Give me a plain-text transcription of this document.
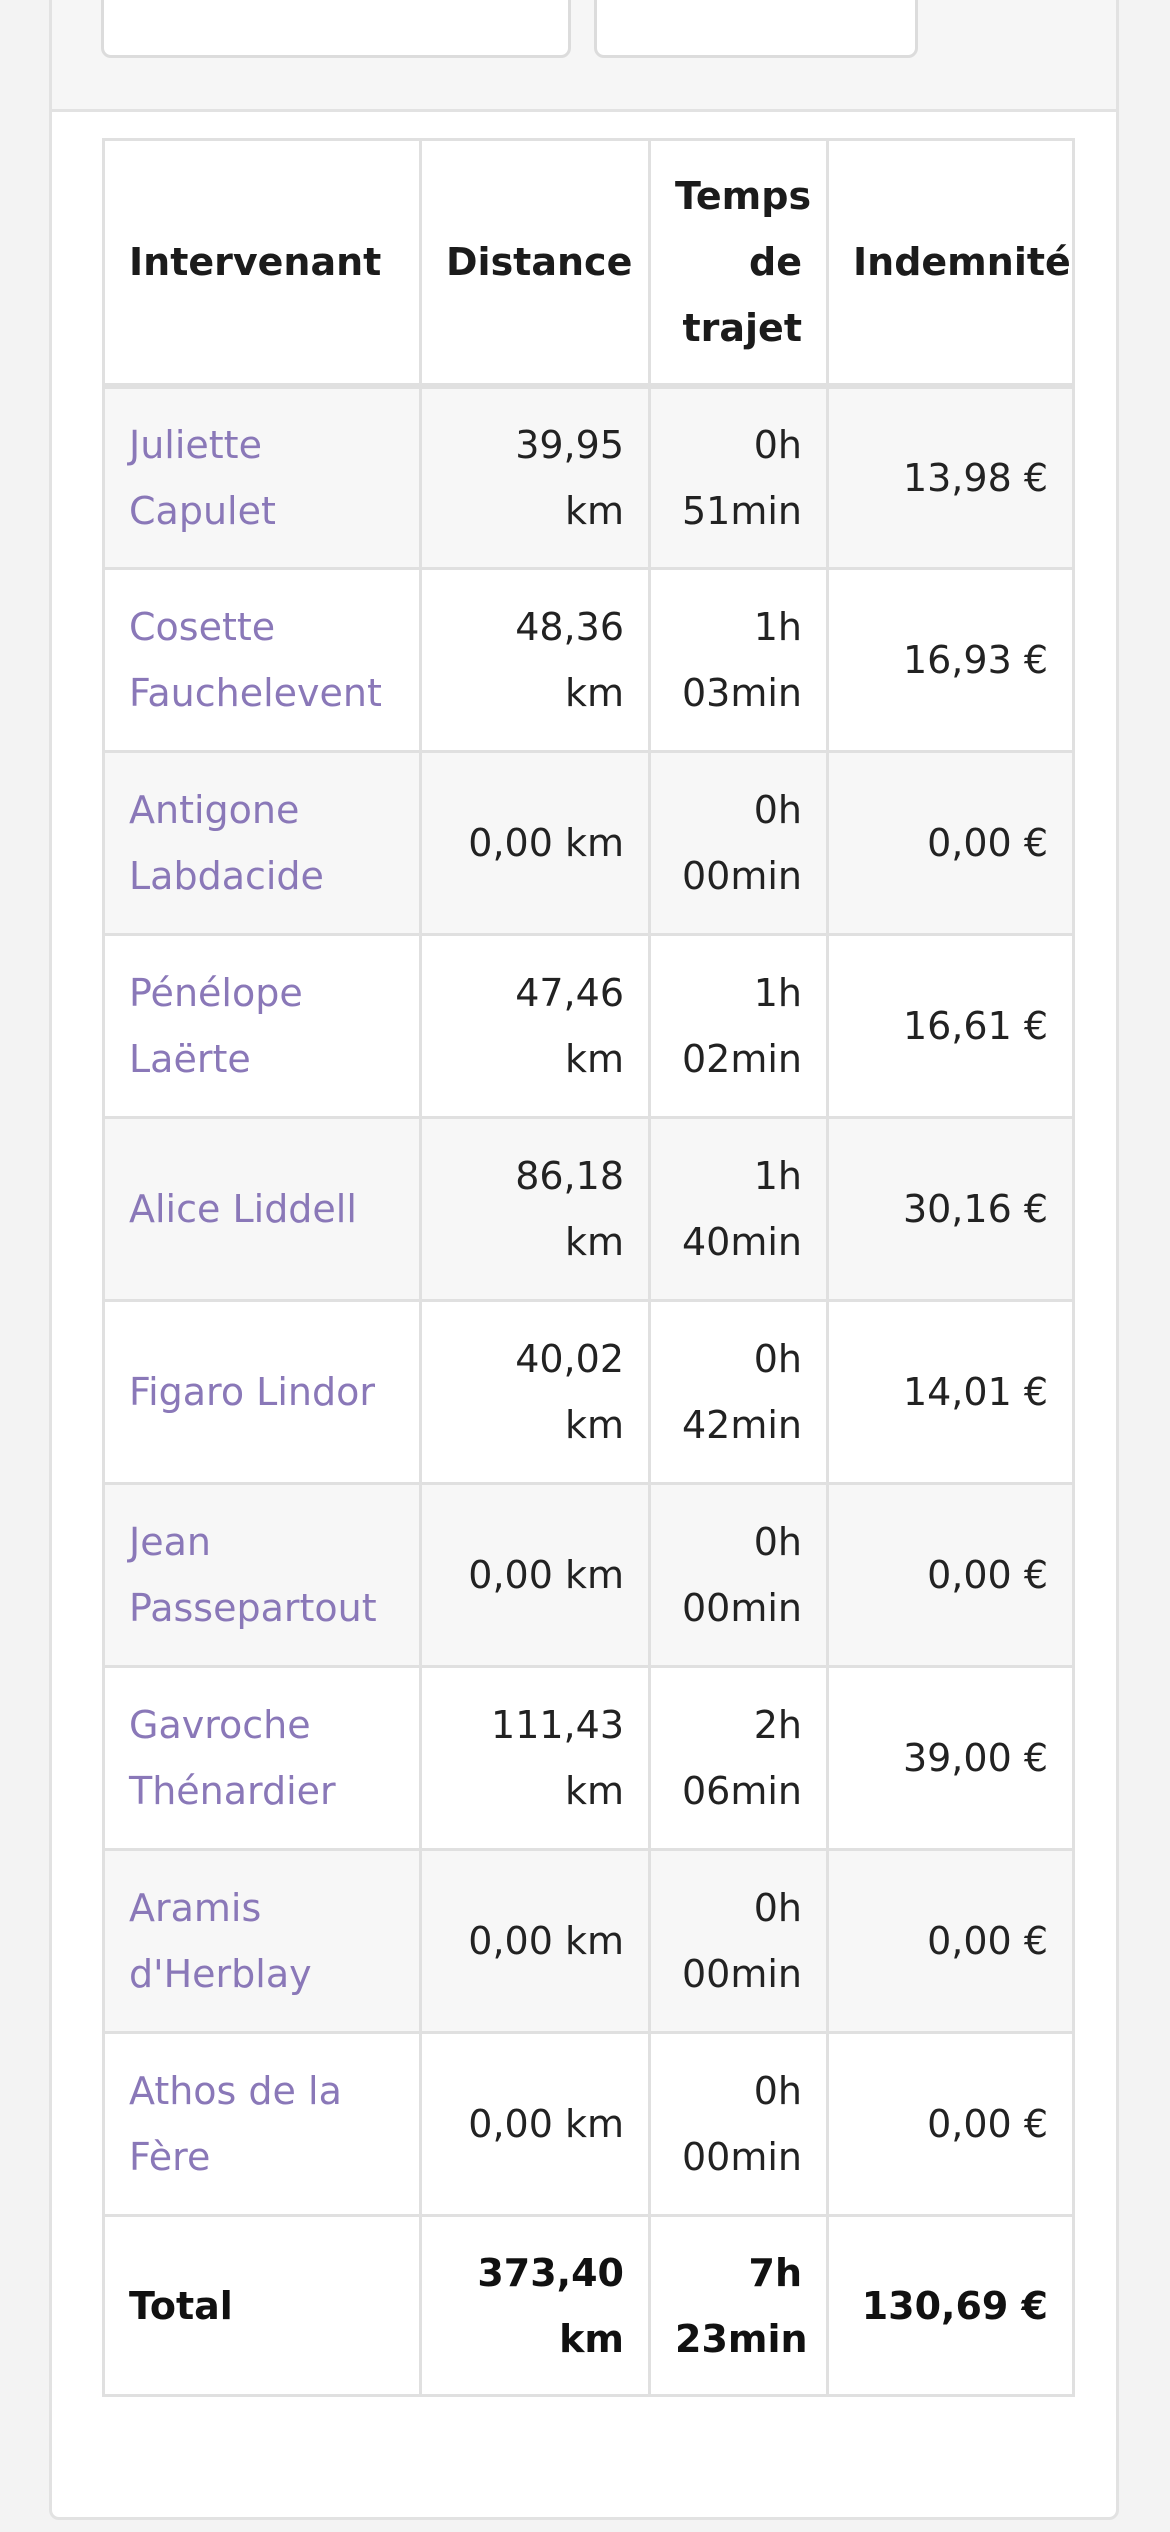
Intervenant	Distance	Temps de trajet	Indemnité

Juliette Capulet	39,95 km	0h 51min	13,98 €

Cosette Fauchelevent	48,36 km	1h 03min	16,93 €

Antigone Labdacide	0,00 km	0h 00min	0,00 €

Pénélope Laërte	47,46 km	1h 02min	16,61 €

Alice Liddell	86,18 km	1h 40min	30,16 €

Figaro Lindor	40,02 km	0h 42min	14,01 €

Jean Passepartout	0,00 km	0h 00min	0,00 €

Gavroche Thénardier	111,43 km	2h 06min	39,00 €

Aramis d'Herblay	0,00 km	0h 00min	0,00 €

Athos de la Fère	0,00 km	0h 00min	0,00 €
Total	373,40 km	7h 23min	130,69 €
